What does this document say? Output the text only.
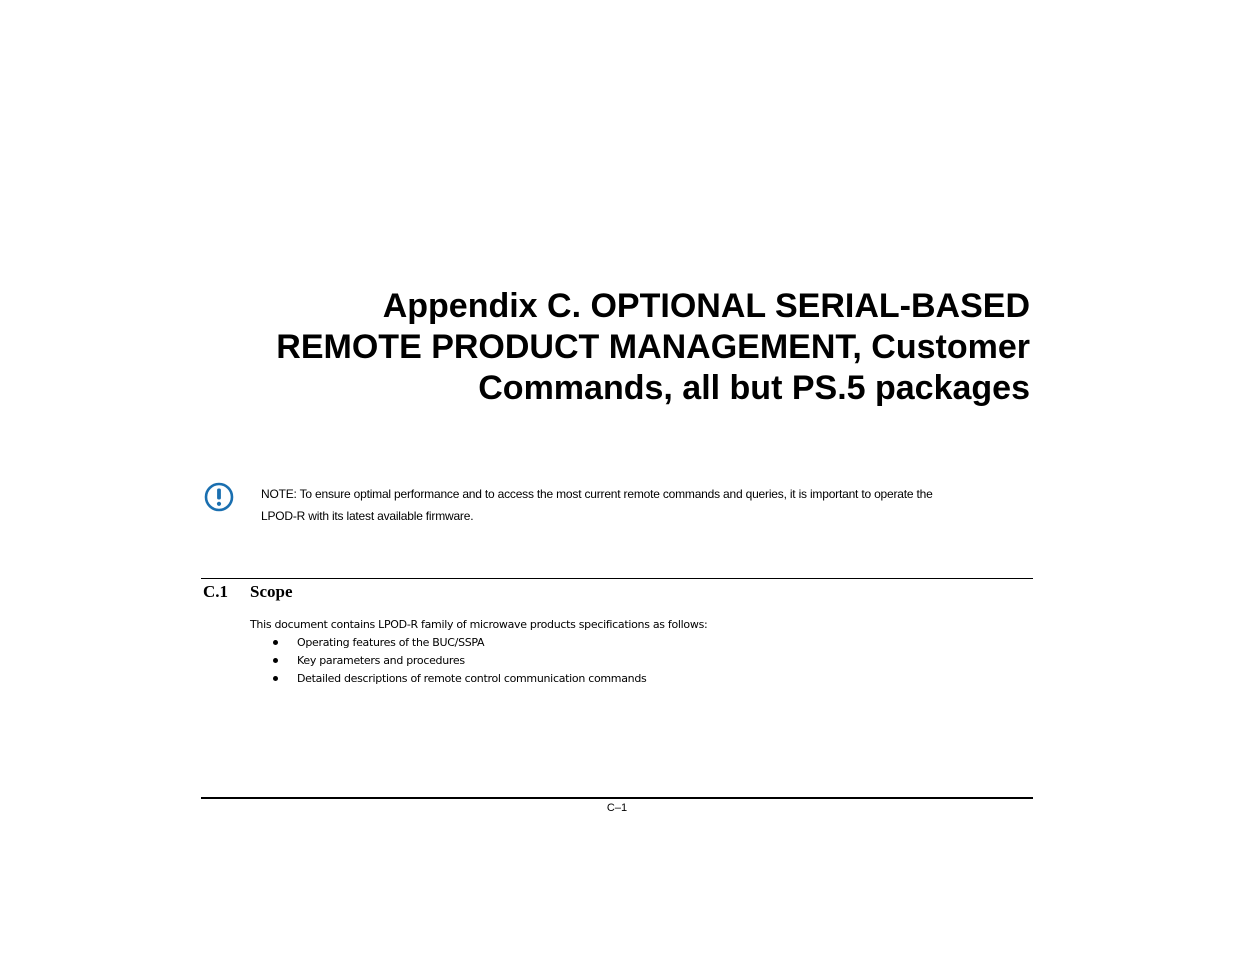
Appendix C. OPTIONAL SERIAL-BASED
REMOTE PRODUCT MANAGEMENT, Customer
Commands, all but PS.5 packages
NOTE: To ensure optimal performance and to access the most current remote commands and queries, it is important to operate the
LPOD-R with its latest available firmware.
C.1 Scope
This document contains LPOD-R family of microwave products specifications as follows:
Operating features of the BUC/SSPA
Key parameters and procedures
Detailed descriptions of remote control communication commands
C–1
